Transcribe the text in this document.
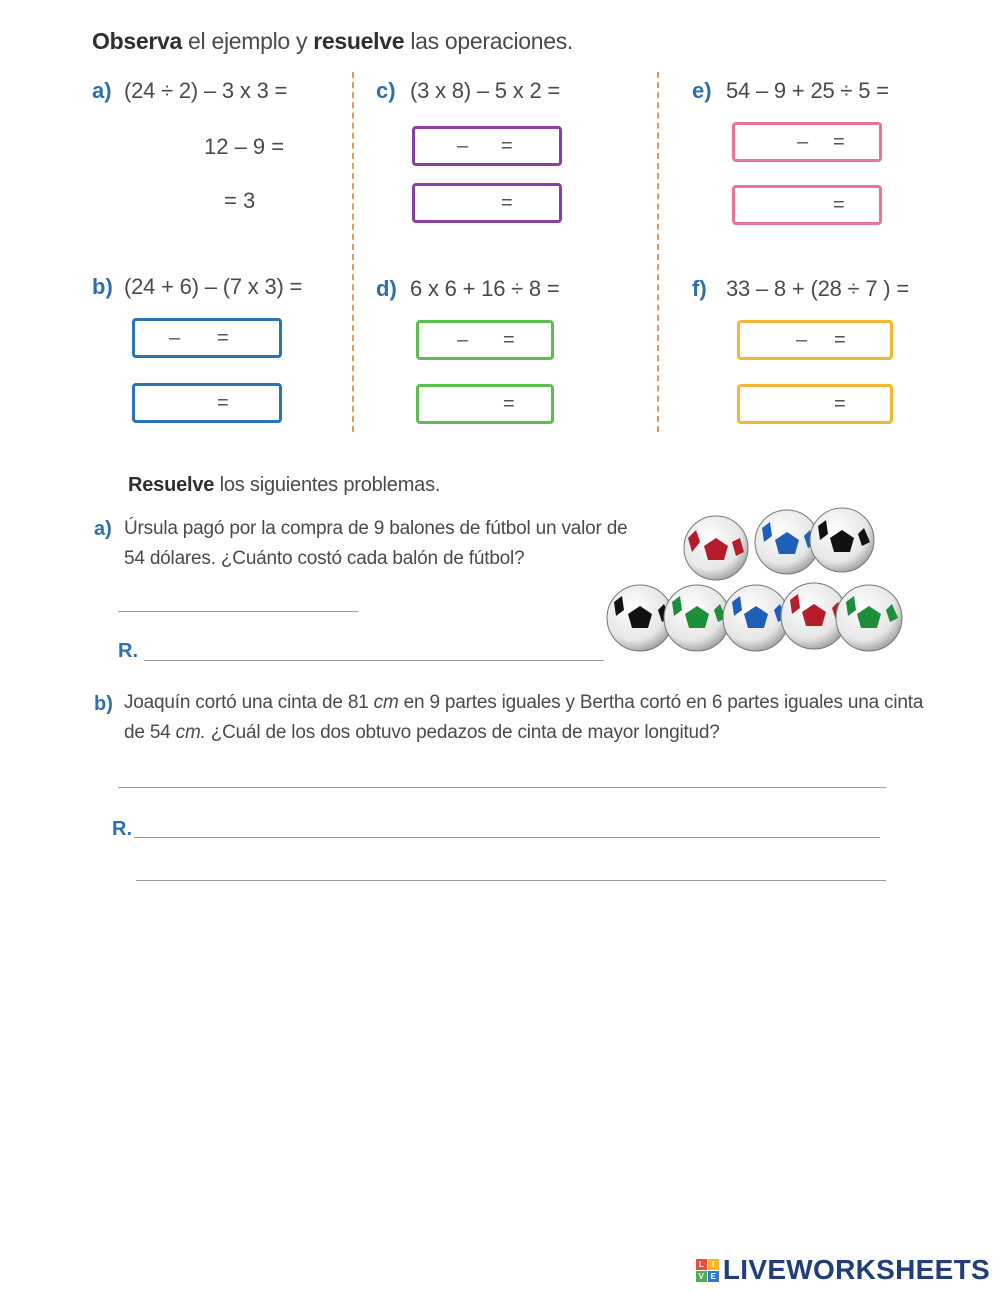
Observa el ejemplo y resuelve las operaciones.
a) (24 ÷ 2) – 3 x 3 =
12 – 9 =
= 3
c) (3 x 8) – 5 x 2 =
– =
=
e) 54 – 9 + 25 ÷ 5 =
– =
=
b) (24 + 6) – (7 x 3) =
– =
=
d) 6 x 6 + 16 ÷ 8 =
– =
=
f) 33 – 8 + (28 ÷ 7 ) =
– =
=
Resuelve los siguientes problemas.
a) Úrsula pagó por la compra de 9 balones de fútbol un valor de
54 dólares. ¿Cuánto costó cada balón de fútbol?
R.
b) Joaquín cortó una cinta de 81 cm en 9 partes iguales y Bertha cortó en 6 partes iguales una cinta
de 54 cm. ¿Cuál de los dos obtuvo pedazos de cinta de mayor longitud?
R.
L	I
V E LIVEWORKSHEETS
